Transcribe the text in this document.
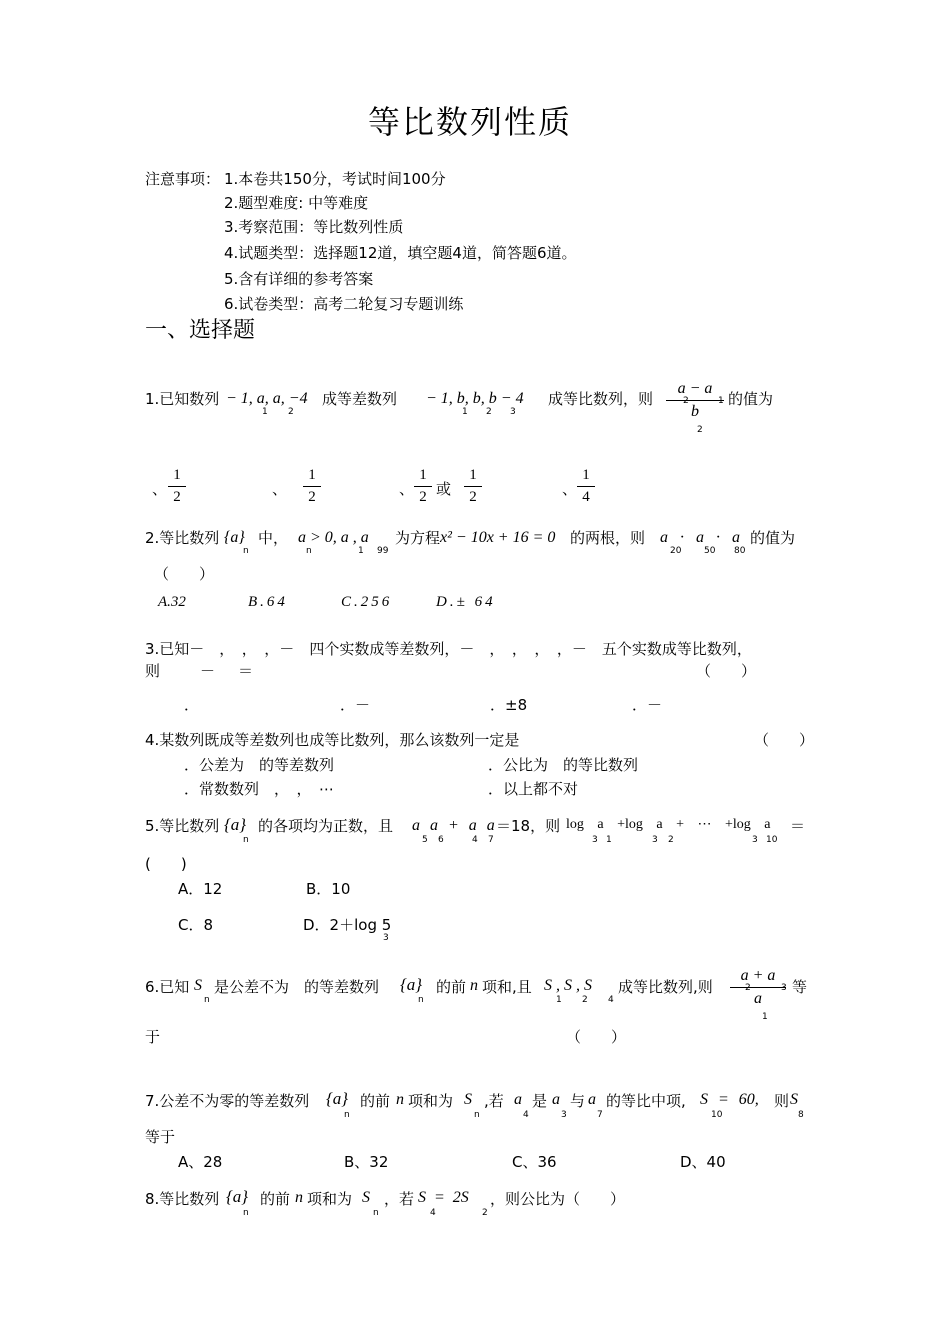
等比数列性质
注意事项： 1.本卷共150分，考试时间100分
2.题型难度: 中等难度
3.考察范围：等比数列性质
4.试题类型：选择题12道，填空题4道，简答题6道。
5.含有详细的参考答案
6.试卷类型：高考二轮复习专题训练
一、选择题
1.已知数列 − 1, a, a, −4
1 2
成等差数列 − 1, b, b, b − 4
1 2 3
成等比数列，则
a − a
b
2	1
2
的值为
、
1
2	、
1
2	、
1
2 或
1
2	、
1
4
2.等比数列 {a}
n
中， a > 0, a , a
n	1 99
为方程 x² − 10x + 16 = 0 的两根，则 a · a · a
20	50 80
的值为
（　　）
A.32	B.64	C.256	D.± 64
3.已知－　，　，　，－　四个实数成等差数列，－　，　，　，　，－　五个实数成等比数列，
则	－ ＝	（　　）
．	．－	．±8	．－
4.某数列既成等差数列也成等比数列，那么该数列一定是	（　　）
．公差为　的等差数列	．公比为　的等比数列
．常数数列　，　，　⋯	．以上都不对
5.等比数列 {a}
n
的各项均为正数，且 a a + a a
5 6	4 7
＝18，则 log a +log a + ⋯ +log a
3 1	3 2	3 10
＝
(　　)
A．12	B．10
C．8	D．2＋log 5
3
6.已知 S
n
是公差不为　的等差数列 {a}
n
的前 n 项和,且 S , S , S
1 2 4
成等比数列,则
a + a
a
2	3
1
等
于	（　　）
7.公差不为零的等差数列 {a}
n
的前 n 项和为 S
n
,若 a
4
是 a
3
与 a
7
的等比中项, S = 60,
10
则 S
8
等于
A、28	B、32	C、36	D、40
8.等比数列 {a}
n
的前 n 项和为 S
n
，若 S = 2S
4	2
，则公比为（　　）
